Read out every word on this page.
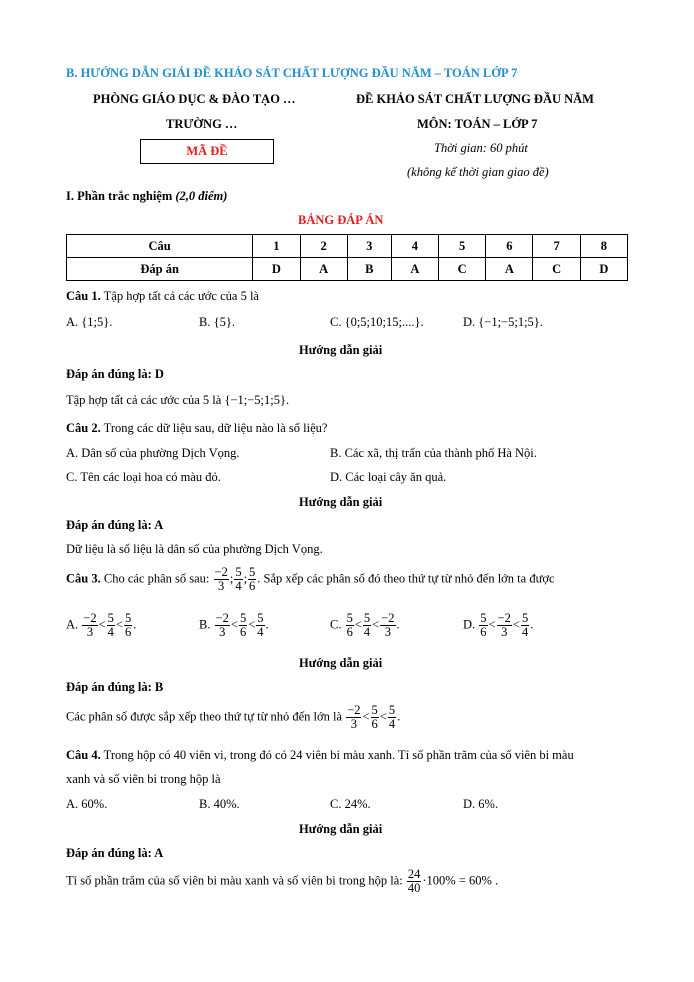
B. HƯỚNG DẪN GIẢI ĐỀ KHẢO SÁT CHẤT LƯỢNG ĐẦU NĂM – TOÁN LỚP 7
PHÒNG GIÁO DỤC & ĐÀO TẠO …
TRƯỜNG …
MÃ ĐỀ
ĐỀ KHẢO SÁT CHẤT LƯỢNG ĐẦU NĂM
MÔN: TOÁN – LỚP 7
Thời gian: 60 phút
(không kể thời gian giao đề)
I. Phần trắc nghiệm (2,0 điểm)
BẢNG ĐÁP ÁN
Câu	1	2	3	4	5	6	7	8
Đáp án	D	A	B	A	C	A	C	D
Câu 1. Tập hợp tất cả các ước của 5 là
A. {1;5}.	B. {5}.	C. {0;5;10;15;....}.	D. {−1;−5;1;5}.
Hướng dẫn giải
Đáp án đúng là: D
Tập hợp tất cả các ước của 5 là {−1;−5;1;5}.
Câu 2. Trong các dữ liệu sau, dữ liệu nào là số liệu?
A. Dân số của phường Dịch Vọng.	B. Các xã, thị trấn của thành phố Hà Nội.
C. Tên các loại hoa có màu đỏ.	D. Các loại cây ăn quả.
Hướng dẫn giải
Đáp án đúng là: A
Dữ liệu là số liệu là dân số của phường Dịch Vọng.
Câu 3. Cho các phân số sau: $\frac{-2}{3}$ ; $\frac{5}{4}$ ; $\frac{5}{6}$ . Sắp xếp các phân số đó theo thứ tự từ nhỏ đến lớn ta được
A. $\frac{-2}{3} < \frac{5}{4} < \frac{5}{6}$ .	B. $\frac{-2}{3} < \frac{5}{6} < \frac{5}{4}$ .	C. $\frac{5}{6} < \frac{5}{4} < \frac{-2}{3}$ .	D. $\frac{5}{6} < \frac{-2}{3} < \frac{5}{4}$ .
Hướng dẫn giải
Đáp án đúng là: B
Các phân số được sắp xếp theo thứ tự từ nhỏ đến lớn là $\frac{-2}{3} < \frac{5}{6} < \frac{5}{4}$ .
Câu 4. Trong hộp có 40 viên vi, trong đó có 24 viên bi màu xanh. Tỉ số phần trăm của số viên bi màu
xanh và số viên bi trong hộp là
A. 60%.	B. 40%.	C. 24%.	D. 6%.
Hướng dẫn giải
Đáp án đúng là: A
Tỉ số phần trăm của số viên bi màu xanh và số viên bi trong hộp là: $\frac{24}{40} \cdot 100\% = 60\%$ .
